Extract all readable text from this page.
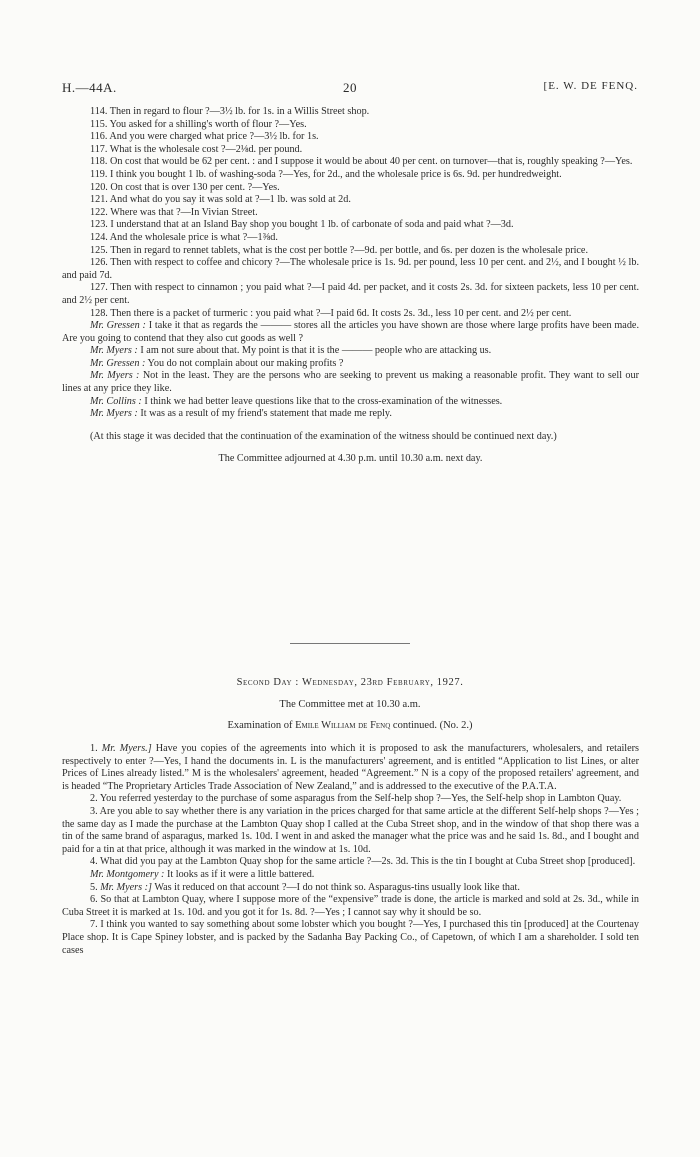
H.—44A.	20	[E. W. DE FENQ.

114. Then in regard to flour ?—3½ lb. for 1s. in a Willis Street shop.

115. You asked for a shilling's worth of flour ?—Yes.

116. And you were charged what price ?—3½ lb. for 1s.

117. What is the wholesale cost ?—2⅛d. per pound.

118. On cost that would be 62 per cent. : and I suppose it would be about 40 per cent. on turnover—that is, roughly speaking ?—Yes.

119. I think you bought 1 lb. of washing-soda ?—Yes, for 2d., and the wholesale price is 6s. 9d. per hundredweight.

120. On cost that is over 130 per cent. ?—Yes.

121. And what do you say it was sold at ?—1 lb. was sold at 2d.

122. Where was that ?—In Vivian Street.

123. I understand that at an Island Bay shop you bought 1 lb. of carbonate of soda and paid what ?—3d.

124. And the wholesale price is what ?—1⅜d.

125. Then in regard to rennet tablets, what is the cost per bottle ?—9d. per bottle, and 6s. per dozen is the wholesale price.

126. Then with respect to coffee and chicory ?—The wholesale price is 1s. 9d. per pound, less 10 per cent. and 2½, and I bought ½ lb. and paid 7d.

127. Then with respect to cinnamon ; you paid what ?—I paid 4d. per packet, and it costs 2s. 3d. for sixteen packets, less 10 per cent. and 2½ per cent.

128. Then there is a packet of turmeric : you paid what ?—I paid 6d. It costs 2s. 3d., less 10 per cent. and 2½ per cent.

Mr. Gressen : I take it that as regards the ——— stores all the articles you have shown are those where large profits have been made. Are you going to contend that they also cut goods as well ?

Mr. Myers : I am not sure about that. My point is that it is the ——— people who are attacking us.

Mr. Gressen : You do not complain about our making profits ?

Mr. Myers : Not in the least. They are the persons who are seeking to prevent us making a reasonable profit. They want to sell our lines at any price they like.

Mr. Collins : I think we had better leave questions like that to the cross-examination of the witnesses.

Mr. Myers : It was as a result of my friend's statement that made me reply.

(At this stage it was decided that the continuation of the examination of the witness should be continued next day.)

The Committee adjourned at 4.30 p.m. until 10.30 a.m. next day.

Second Day : Wednesday, 23rd February, 1927.
The Committee met at 10.30 a.m.
Examination of Emile William de Fenq continued. (No. 2.)

1. Mr. Myers.] Have you copies of the agreements into which it is proposed to ask the manufacturers, wholesalers, and retailers respectively to enter ?—Yes, I hand the documents in. L is the manufacturers' agreement, and is entitled “Application to list Lines, or alter Prices of Lines already listed.” M is the wholesalers' agreement, headed “Agreement.” N is a copy of the proposed retailers' agreement, and is headed “The Proprietary Articles Trade Association of New Zealand,” and is addressed to the executive of the P.A.T.A.

2. You referred yesterday to the purchase of some asparagus from the Self-help shop ?—Yes, the Self-help shop in Lambton Quay.

3. Are you able to say whether there is any variation in the prices charged for that same article at the different Self-help shops ?—Yes ; the same day as I made the purchase at the Lambton Quay shop I called at the Cuba Street shop, and in the window of that shop there was a tin of the same brand of asparagus, marked 1s. 10d. I went in and asked the manager what the price was and he said 1s. 8d., and I bought and paid for a tin at that price, although it was marked in the window at 1s. 10d.

4. What did you pay at the Lambton Quay shop for the same article ?—2s. 3d. This is the tin I bought at Cuba Street shop [produced].

Mr. Montgomery : It looks as if it were a little battered.

5. Mr. Myers :] Was it reduced on that account ?—I do not think so. Asparagus-tins usually look like that.

6. So that at Lambton Quay, where I suppose more of the “expensive” trade is done, the article is marked and sold at 2s. 3d., while in Cuba Street it is marked at 1s. 10d. and you got it for 1s. 8d. ?—Yes ; I cannot say why it should be so.

7. I think you wanted to say something about some lobster which you bought ?—Yes, I purchased this tin [produced] at the Courtenay Place shop. It is Cape Spiney lobster, and is packed by the Sadanha Bay Packing Co., of Capetown, of which I am a shareholder. I sold ten cases
